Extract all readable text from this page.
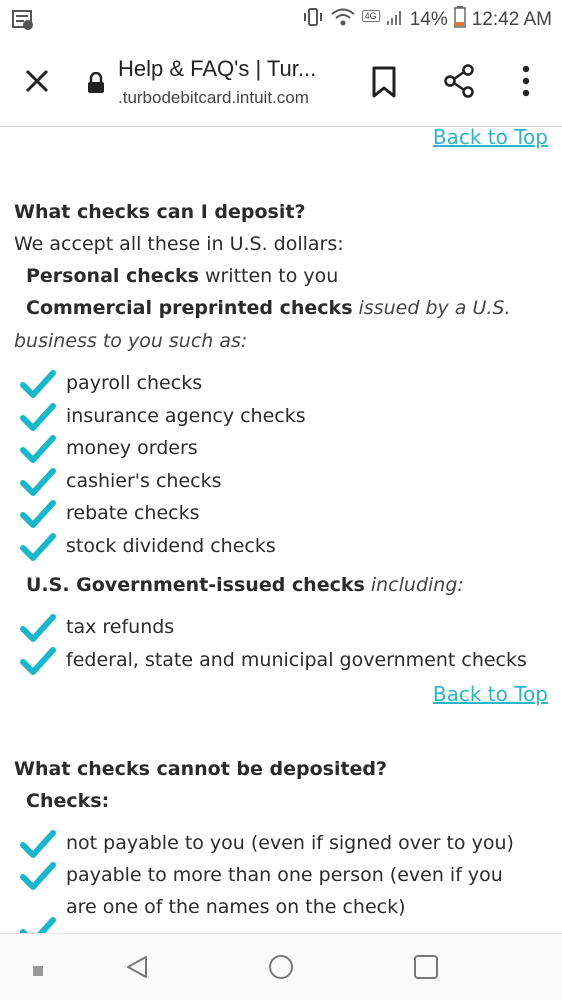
4G 14% 12:42 AM
Help & FAQ's | Tur...
.turbodebitcard.intuit.com
Back to Top
What checks can I deposit?
We accept all these in U.S. dollars:
Personal checks written to you
Commercial preprinted checks issued by a U.S.
business to you such as:
payroll checks
insurance agency checks
money orders
cashier's checks
rebate checks
stock dividend checks
U.S. Government-issued checks including:
tax refunds
federal, state and municipal government checks
Back to Top
What checks cannot be deposited?
Checks:
not payable to you (even if signed over to you)
payable to more than one person (even if you
are one of the names on the check)
